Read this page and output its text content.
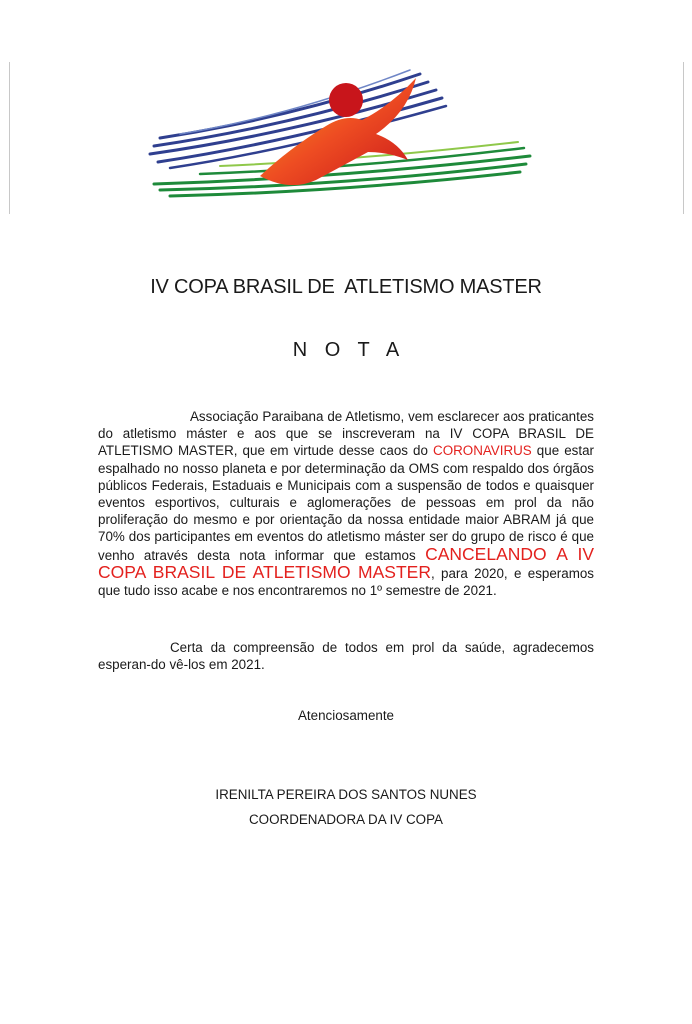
IV COPA BRASIL DE  ATLETISMO MASTER
N O T A

Associação Paraibana de Atletismo, vem esclarecer aos praticantes do atletismo máster e aos que se inscreveram na IV COPA BRASIL DE ATLETISMO MASTER, que em virtude desse caos do CORONAVIRUS que estar espalhado no nosso planeta e por determinação da OMS com respaldo dos órgãos públicos Federais, Estaduais e Municipais com a suspensão de todos e quaisquer eventos esportivos, culturais e aglomerações de pessoas em prol da não proliferação do mesmo e por orientação da nossa entidade maior ABRAM já que 70% dos participantes em eventos do atletismo máster ser do grupo de risco é que venho através desta nota informar que estamos CANCELANDO A IV COPA BRASIL DE ATLETISMO MASTER, para 2020, e esperamos que tudo isso acabe e nos encontraremos no 1º semestre de 2021.

Certa da compreensão de todos em prol da saúde, agradecemos esperan-do vê-los em 2021.

Atenciosamente
IRENILTA PEREIRA DOS SANTOS NUNES
COORDENADORA DA IV COPA
